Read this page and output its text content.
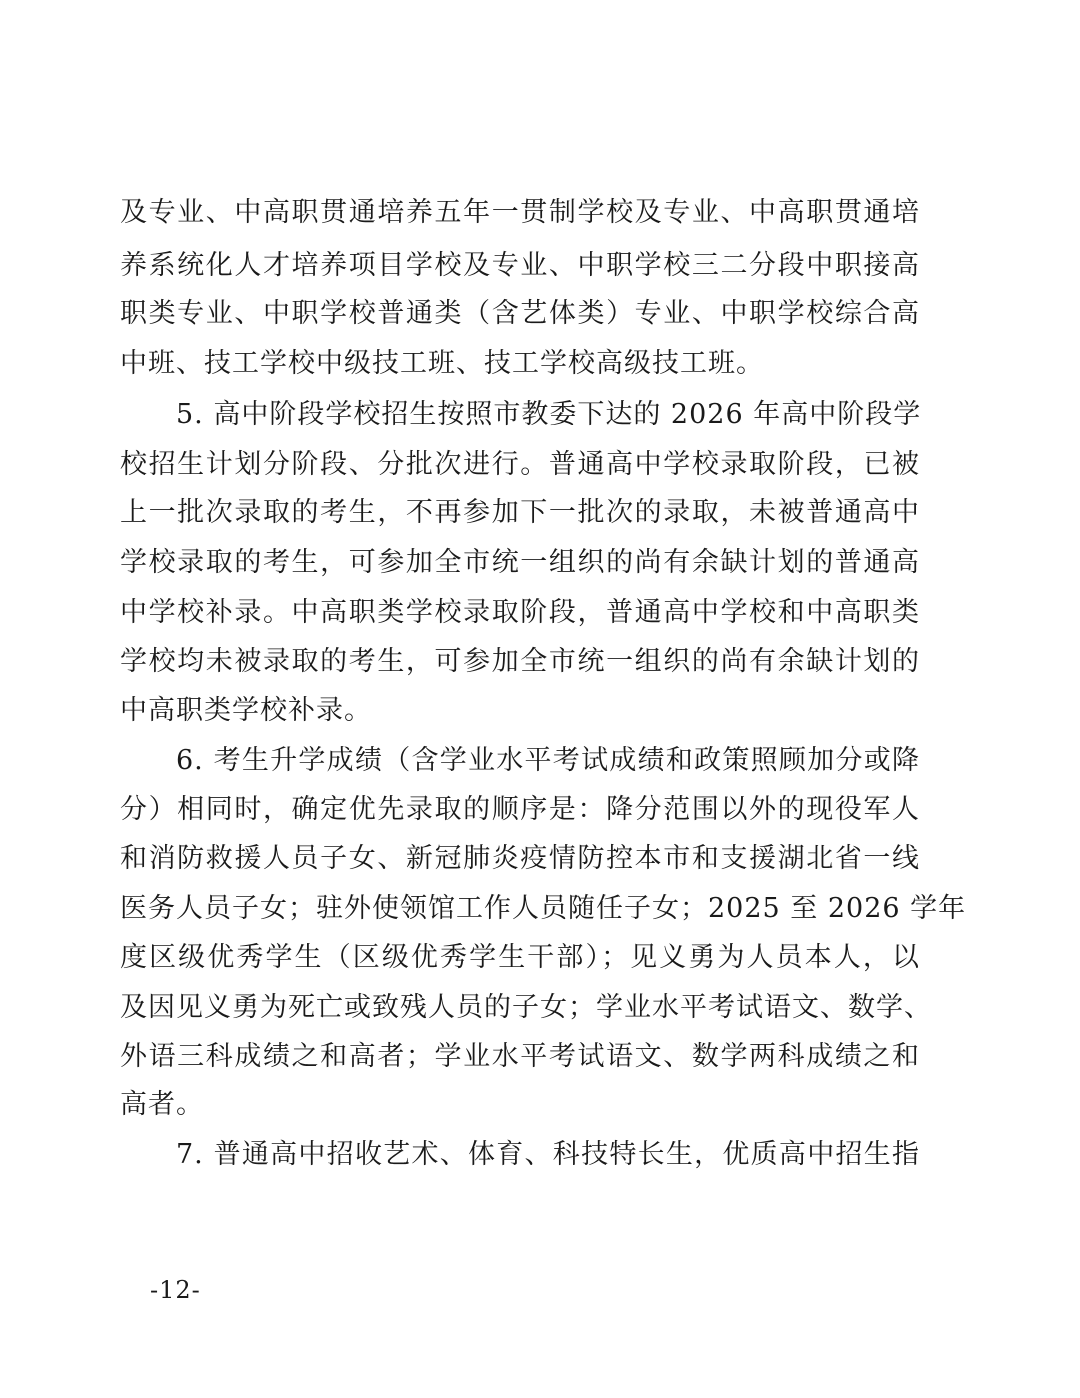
及专业、中高职贯通培养五年一贯制学校及专业、中高职贯通培
养系统化人才培养项目学校及专业、中职学校三二分段中职接高
职类专业、中职学校普通类（含艺体类）专业、中职学校综合高
中班、技工学校中级技工班、技工学校高级技工班。
5. 高中阶段学校招生按照市教委下达的 2026 年高中阶段学
校招生计划分阶段、分批次进行。普通高中学校录取阶段，已被
上一批次录取的考生，不再参加下一批次的录取，未被普通高中
学校录取的考生，可参加全市统一组织的尚有余缺计划的普通高
中学校补录。中高职类学校录取阶段，普通高中学校和中高职类
学校均未被录取的考生，可参加全市统一组织的尚有余缺计划的
中高职类学校补录。
6. 考生升学成绩（含学业水平考试成绩和政策照顾加分或降
分）相同时，确定优先录取的顺序是：降分范围以外的现役军人
和消防救援人员子女、新冠肺炎疫情防控本市和支援湖北省一线
医务人员子女；驻外使领馆工作人员随任子女；2025 至 2026 学年
度区级优秀学生（区级优秀学生干部）；见义勇为人员本人，以
及因见义勇为死亡或致残人员的子女；学业水平考试语文、数学、
外语三科成绩之和高者；学业水平考试语文、数学两科成绩之和
高者。
7. 普通高中招收艺术、体育、科技特长生，优质高中招生指
-12-
